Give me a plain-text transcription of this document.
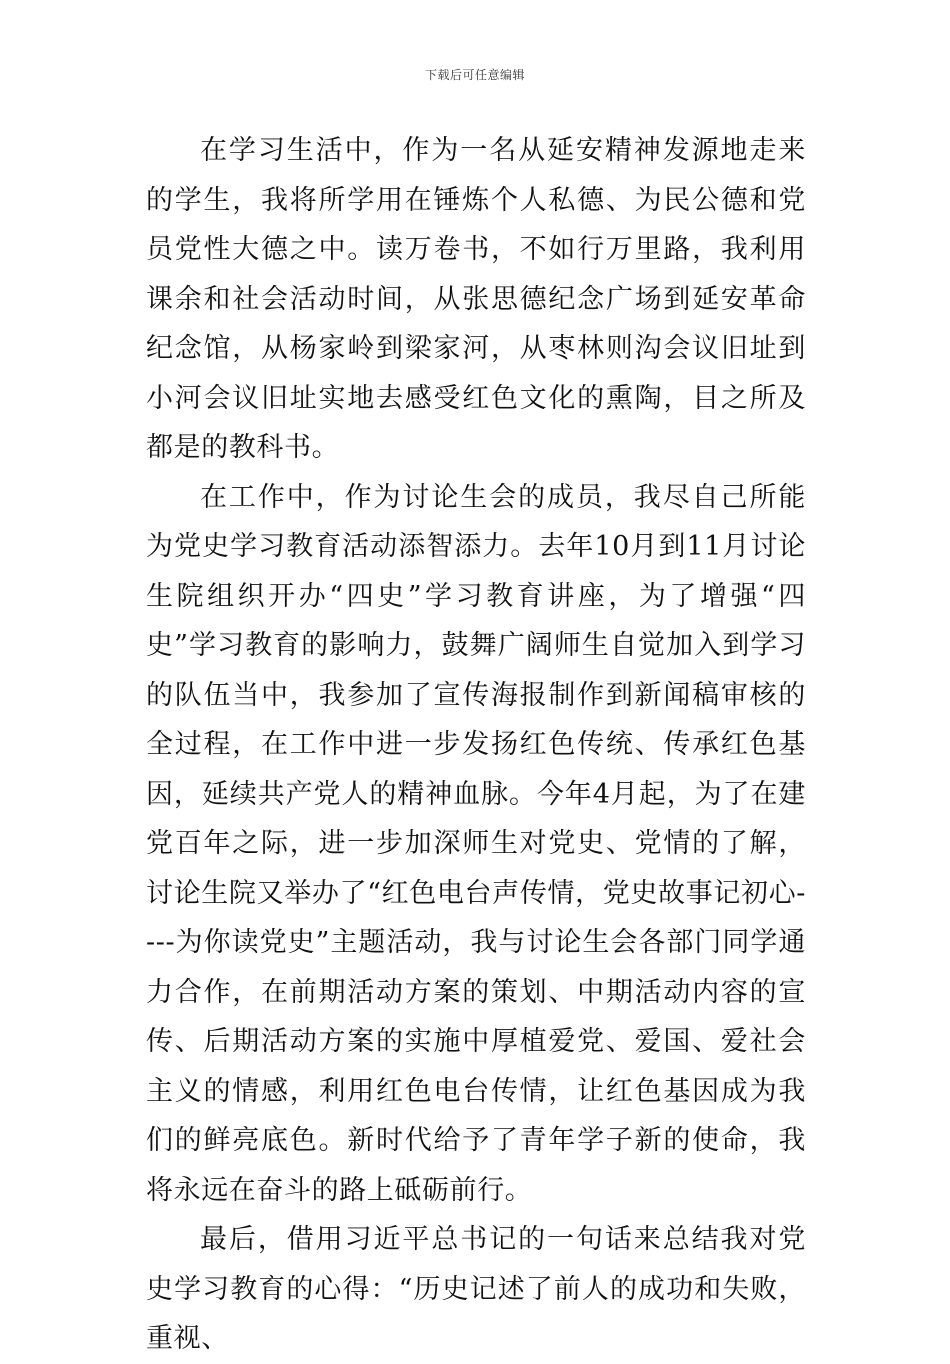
下载后可任意编辑

在学习生活中，作为一名从延安精神发源地走来的学生，我将所学用在锤炼个人私德、为民公德和党员党性大德之中。读万卷书，不如行万里路，我利用课余和社会活动时间，从张思德纪念广场到延安革命纪念馆，从杨家岭到梁家河，从枣林则沟会议旧址到小河会议旧址实地去感受红色文化的熏陶，目之所及都是的教科书。

在工作中，作为讨论生会的成员，我尽自己所能为党史学习教育活动添智添力。去年10月到11月讨论生院组织开办“四史”学习教育讲座，为了增强“四史”学习教育的影响力，鼓舞广阔师生自觉加入到学习的队伍当中，我参加了宣传海报制作到新闻稿审核的全过程，在工作中进一步发扬红色传统、传承红色基因，延续共产党人的精神血脉。今年4月起，为了在建党百年之际，进一步加深师生对党史、党情的了解，讨论生院又举办了“红色电台声传情，党史故事记初心----为你读党史”主题活动，我与讨论生会各部门同学通力合作，在前期活动方案的策划、中期活动内容的宣传、后期活动方案的实施中厚植爱党、爱国、爱社会主义的情感，利用红色电台传情，让红色基因成为我们的鲜亮底色。新时代给予了青年学子新的使命，我将永远在奋斗的路上砥砺前行。

最后，借用习近平总书记的一句话来总结我对党史学习教育的心得：“历史记述了前人的成功和失败，重视、
